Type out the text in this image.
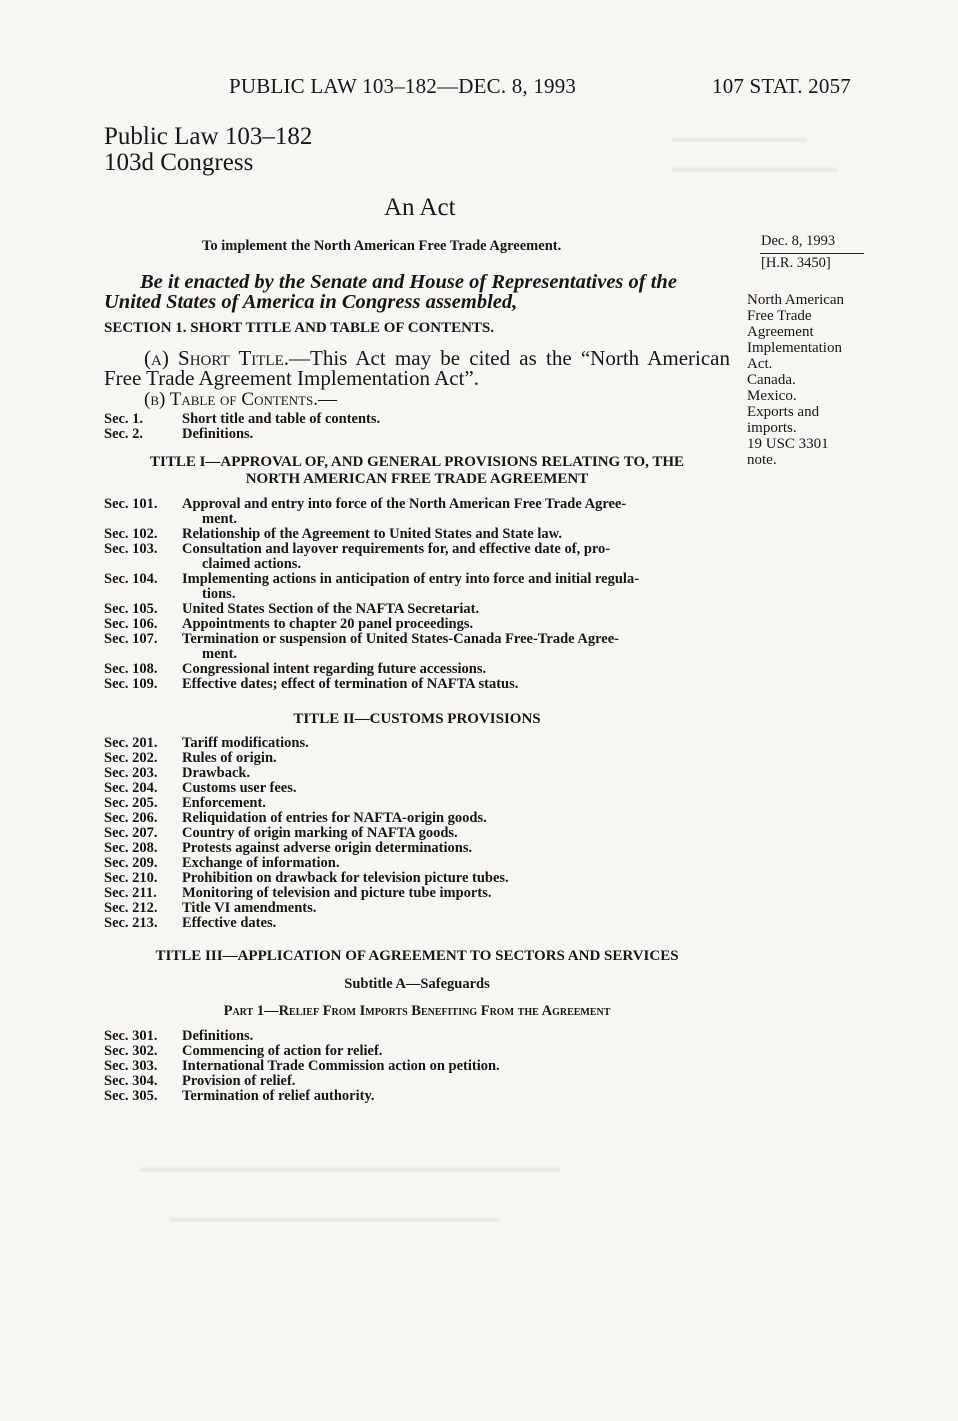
▬▬▬▬▬▬▬▬▬
▬▬▬▬▬▬▬▬▬▬▬
▬▬▬▬▬▬▬▬▬▬▬▬▬▬▬▬▬▬▬▬▬▬▬▬▬▬▬▬
▬▬▬▬▬▬▬▬▬▬▬▬▬▬▬▬▬▬▬▬▬▬
PUBLIC LAW 103–182—DEC. 8, 1993	107 STAT. 2057
Public Law 103–182
103d Congress
An Act
To implement the North American Free Trade Agreement.	Dec. 8, 1993
[H.R. 3450]
North American
Free Trade
Agreement
Implementation
Act.
Canada.
Mexico.
Exports and
imports.
19 USC 3301
note.
Be it enacted by the Senate and House of Representatives of the United States of America in Congress assembled,
SECTION 1. SHORT TITLE AND TABLE OF CONTENTS.
(a) Short Title.—This Act may be cited as the “North American Free Trade Agreement Implementation Act”.
(b) Table of Contents.—
Sec. 1.	Short title and table of contents.
Sec. 2.	Definitions.
TITLE I—APPROVAL OF, AND GENERAL PROVISIONS RELATING TO, THE
NORTH AMERICAN FREE TRADE AGREEMENT
Sec. 101.	Approval and entry into force of the North American Free Trade Agree-
ment.
Sec. 102.	Relationship of the Agreement to United States and State law.
Sec. 103.	Consultation and layover requirements for, and effective date of, pro-
claimed actions.
Sec. 104.	Implementing actions in anticipation of entry into force and initial regula-
tions.
Sec. 105.	United States Section of the NAFTA Secretariat.
Sec. 106.	Appointments to chapter 20 panel proceedings.
Sec. 107.	Termination or suspension of United States-Canada Free-Trade Agree-
ment.
Sec. 108.	Congressional intent regarding future accessions.
Sec. 109.	Effective dates; effect of termination of NAFTA status.
TITLE II—CUSTOMS PROVISIONS
Sec. 201.	Tariff modifications.
Sec. 202.	Rules of origin.
Sec. 203.	Drawback.
Sec. 204.	Customs user fees.
Sec. 205.	Enforcement.
Sec. 206.	Reliquidation of entries for NAFTA-origin goods.
Sec. 207.	Country of origin marking of NAFTA goods.
Sec. 208.	Protests against adverse origin determinations.
Sec. 209.	Exchange of information.
Sec. 210.	Prohibition on drawback for television picture tubes.
Sec. 211.	Monitoring of television and picture tube imports.
Sec. 212.	Title VI amendments.
Sec. 213.	Effective dates.
TITLE III—APPLICATION OF AGREEMENT TO SECTORS AND SERVICES
Subtitle A—Safeguards
Part 1—Relief From Imports Benefiting From the Agreement
Sec. 301.	Definitions.
Sec. 302.	Commencing of action for relief.
Sec. 303.	International Trade Commission action on petition.
Sec. 304.	Provision of relief.
Sec. 305.	Termination of relief authority.
